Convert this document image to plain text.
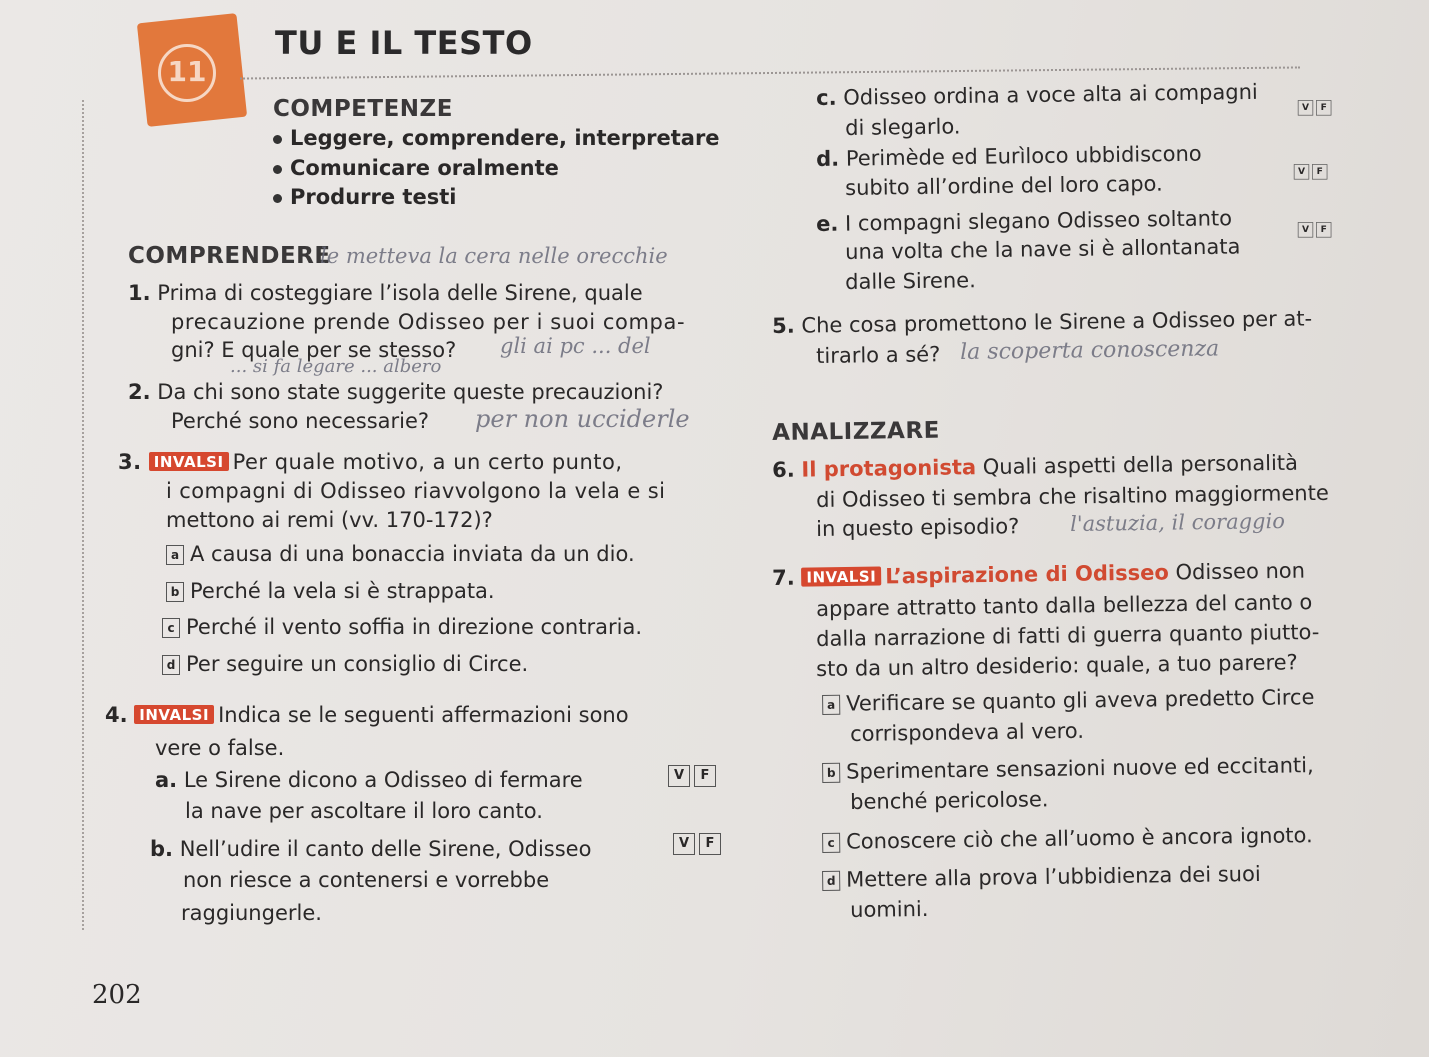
11
TU E IL TESTO
COMPETENZE
Leggere, comprendere, interpretare
Comunicare oralmente
Produrre testi
COMPRENDERE
le metteva la cera nelle orecchie
1. Prima di costeggiare l’isola delle Sirene, quale
precauzione prende Odisseo per i suoi compa-
gni? E quale per se stesso? gli ai pc ... del
... si fa legare ... albero
2. Da chi sono state suggerite queste precauzioni?
Perché sono necessarie? per non ucciderle
3. INVALSI Per quale motivo, a un certo punto,
i compagni di Odisseo riavvolgono la vela e si
mettono ai remi (vv. 170-172)?
a A causa di una bonaccia inviata da un dio.
b Perché la vela si è strappata.
c Perché il vento soffia in direzione contraria.
d Per seguire un consiglio di Circe.
4. INVALSI Indica se le seguenti affermazioni sono
vere o false.
a. Le Sirene dicono a Odisseo di fermare
la nave per ascoltare il loro canto.
V F
b. Nell’udire il canto delle Sirene, Odisseo
non riesce a contenersi e vorrebbe
raggiungerle.
V F
c. Odisseo ordina a voce alta ai compagni
di slegarlo.
V F
d. Perimède ed Eurìloco ubbidiscono
subito all’ordine del loro capo.
V F
e. I compagni slegano Odisseo soltanto
una volta che la nave si è allontanata
dalle Sirene.
V F
5. Che cosa promettono le Sirene a Odisseo per at-
tirarlo a sé? la scoperta conoscenza
ANALIZZARE
6. Il protagonista Quali aspetti della personalità
di Odisseo ti sembra che risaltino maggiormente
in questo episodio? l'astuzia, il coraggio
7. INVALSI L’aspirazione di Odisseo Odisseo non
appare attratto tanto dalla bellezza del canto o
dalla narrazione di fatti di guerra quanto piutto-
sto da un altro desiderio: quale, a tuo parere?
a Verificare se quanto gli aveva predetto Circe
corrispondeva al vero.
b Sperimentare sensazioni nuove ed eccitanti,
benché pericolose.
c Conoscere ciò che all’uomo è ancora ignoto.
d Mettere alla prova l’ubbidienza dei suoi
uomini.
202
